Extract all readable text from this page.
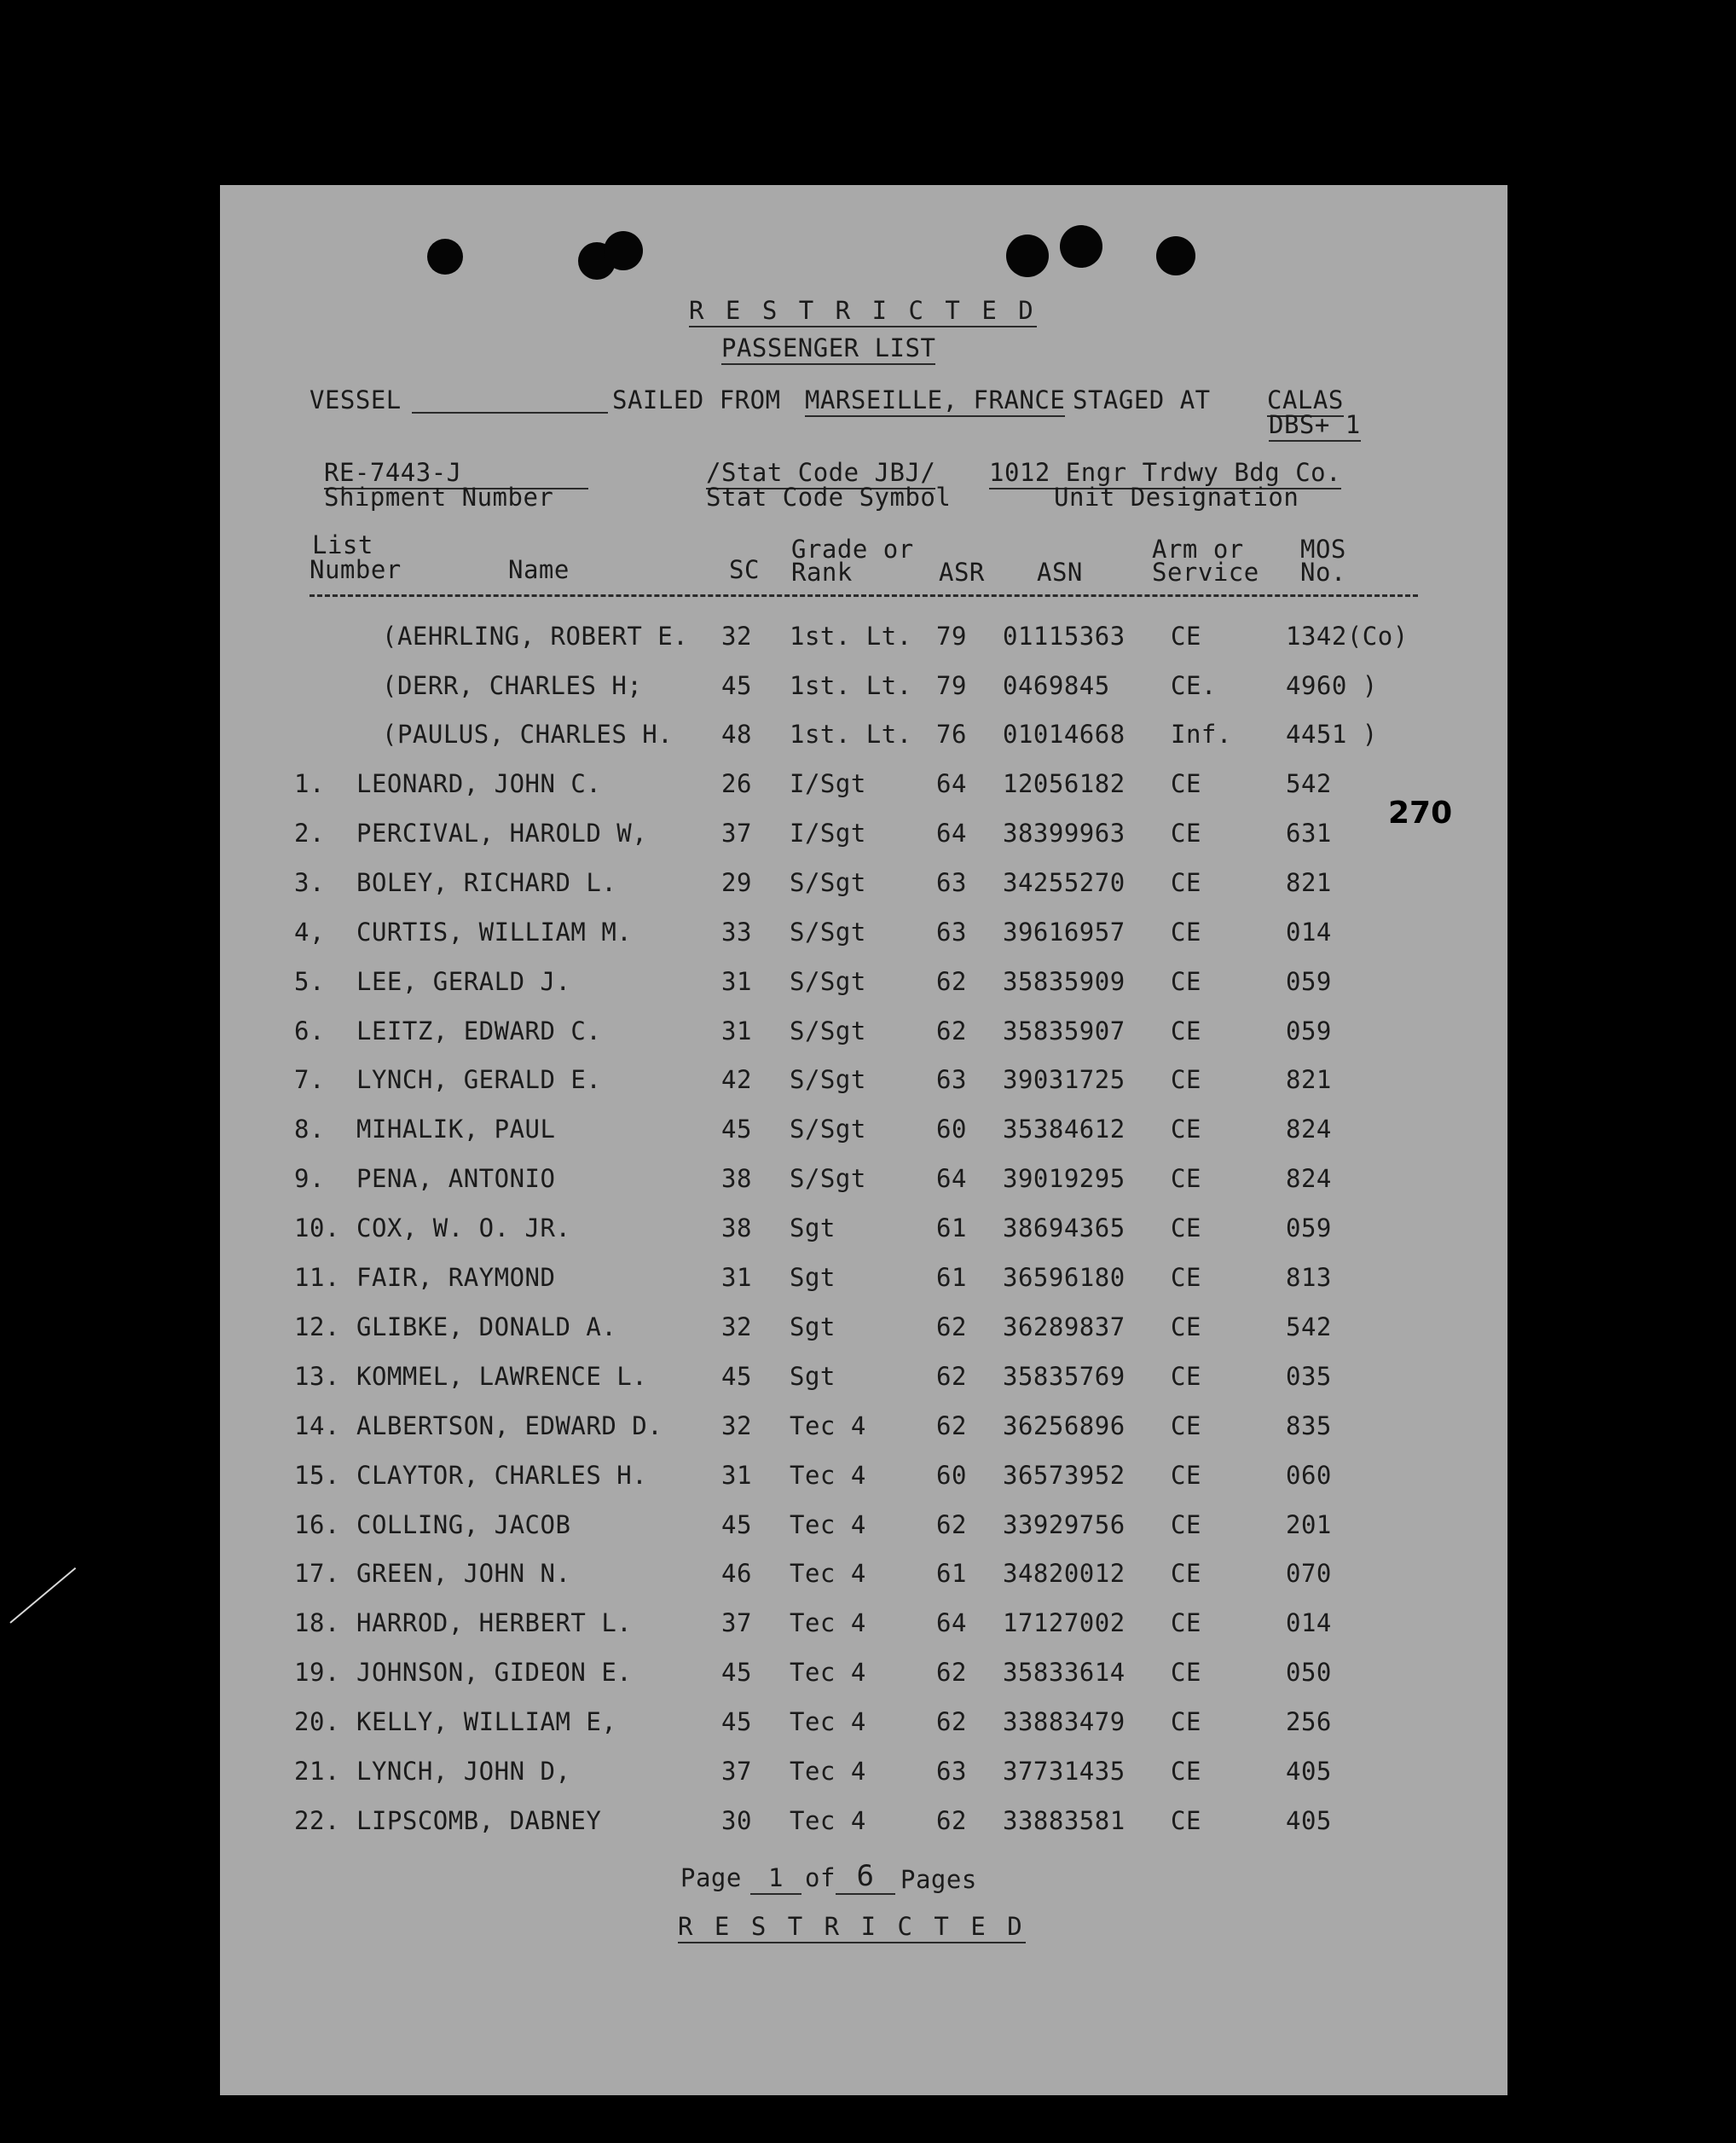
R E S T R I C T E D
PASSENGER LIST
VESSEL	SAILED FROM MARSEILLE, FRANCE STAGED AT CALAS
DBS+ 1
RE-7443-J
Shipment Number
/Stat Code JBJ/
Stat Code Symbol
1012 Engr Trdwy Bdg Co.
Unit Designation
List
Number	Name	SC
Grade or
Rank	ASR ASN
Arm or
Service
MOS
No.
(AEHRLING, ROBERT E. 32 1st. Lt. 79 01115363 CE	1342(Co)
(DERR, CHARLES H;	45 1st. Lt. 79 0469845 CE.	4960 )
(PAULUS, CHARLES H. 48 1st. Lt. 76 01014668 Inf. 4451 )
1. LEONARD, JOHN C.	26 I/Sgt	64 12056182 CE	542
2. PERCIVAL, HAROLD W,	37 I/Sgt	64 38399963 CE	631
3. BOLEY, RICHARD L.	29 S/Sgt	63 34255270 CE	821
4, CURTIS, WILLIAM M.	33 S/Sgt	63 39616957 CE	014
5. LEE, GERALD J.	31 S/Sgt	62 35835909 CE	059
6. LEITZ, EDWARD C.	31 S/Sgt	62 35835907 CE	059
7. LYNCH, GERALD E.	42 S/Sgt	63 39031725 CE	821
8. MIHALIK, PAUL	45 S/Sgt	60 35384612 CE	824
9. PENA, ANTONIO	38 S/Sgt	64 39019295 CE	824
10. COX, W. O. JR.	38 Sgt	61 38694365 CE	059
11. FAIR, RAYMOND	31 Sgt	61 36596180 CE	813
12. GLIBKE, DONALD A.	32 Sgt	62 36289837 CE	542
13. KOMMEL, LAWRENCE L.	45 Sgt	62 35835769 CE	035
14. ALBERTSON, EDWARD D. 32 Tec 4	62 36256896 CE	835
15. CLAYTOR, CHARLES H.	31 Tec 4	60 36573952 CE	060
16. COLLING, JACOB	45 Tec 4	62 33929756 CE	201
17. GREEN, JOHN N.	46 Tec 4	61 34820012 CE	070
18. HARROD, HERBERT L.	37 Tec 4	64 17127002 CE	014
19. JOHNSON, GIDEON E.	45 Tec 4	62 35833614 CE	050
20. KELLY, WILLIAM E,	45 Tec 4	62 33883479 CE	256
21. LYNCH, JOHN D,	37 Tec 4	63 37731435 CE	405
22. LIPSCOMB, DABNEY	30 Tec 4	62 33883581 CE	405
Page	1 of 6	Pages
R E S T R I C T E D
270
